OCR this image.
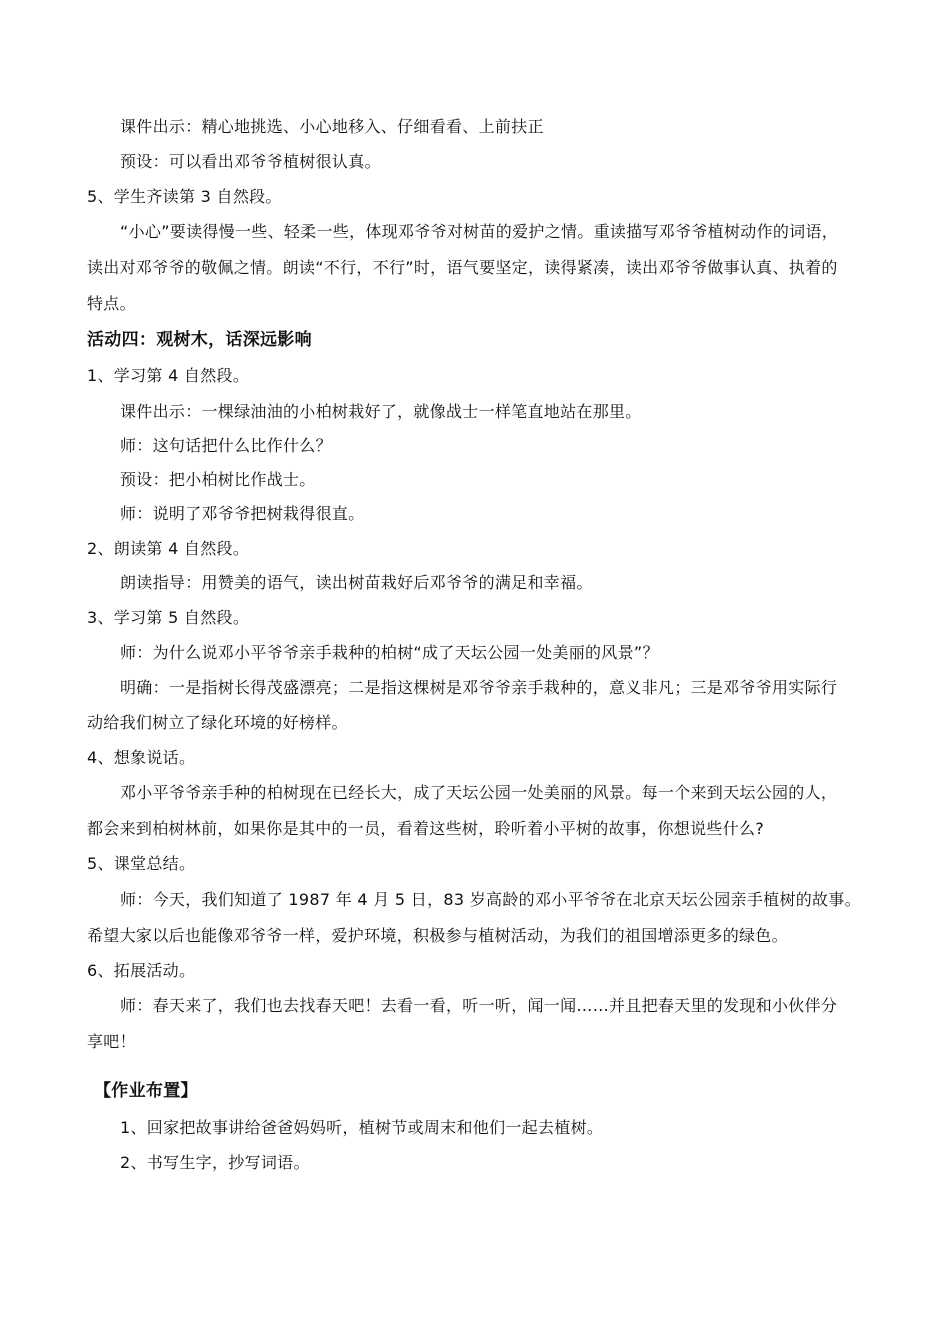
课件出示：精心地挑选、小心地移入、仔细看看、上前扶正
预设：可以看出邓爷爷植树很认真。
5、学生齐读第 3 自然段。
“小心”要读得慢一些、轻柔一些，体现邓爷爷对树苗的爱护之情。重读描写邓爷爷植树动作的词语，
读出对邓爷爷的敬佩之情。朗读“不行，不行”时，语气要坚定，读得紧凑，读出邓爷爷做事认真、执着的
特点。
活动四：观树木，话深远影响
1、学习第 4 自然段。
课件出示：一棵绿油油的小柏树栽好了，就像战士一样笔直地站在那里。
师：这句话把什么比作什么？
预设：把小柏树比作战士。
师：说明了邓爷爷把树栽得很直。
2、朗读第 4 自然段。
朗读指导：用赞美的语气，读出树苗栽好后邓爷爷的满足和幸福。
3、学习第 5 自然段。
师：为什么说邓小平爷爷亲手栽种的柏树“成了天坛公园一处美丽的风景”？
明确：一是指树长得茂盛漂亮；二是指这棵树是邓爷爷亲手栽种的，意义非凡；三是邓爷爷用实际行
动给我们树立了绿化环境的好榜样。
4、想象说话。
邓小平爷爷亲手种的柏树现在已经长大，成了天坛公园一处美丽的风景。每一个来到天坛公园的人，
都会来到柏树林前，如果你是其中的一员，看着这些树，聆听着小平树的故事，你想说些什么?
5、课堂总结。
师：今天，我们知道了 1987 年 4 月 5 日，83 岁高龄的邓小平爷爷在北京天坛公园亲手植树的故事。
希望大家以后也能像邓爷爷一样，爱护环境，积极参与植树活动，为我们的祖国增添更多的绿色。
6、拓展活动。
师：春天来了，我们也去找春天吧！去看一看，听一听，闻一闻……并且把春天里的发现和小伙伴分
享吧！
【作业布置】
1、回家把故事讲给爸爸妈妈听，植树节或周末和他们一起去植树。
2、书写生字，抄写词语。
